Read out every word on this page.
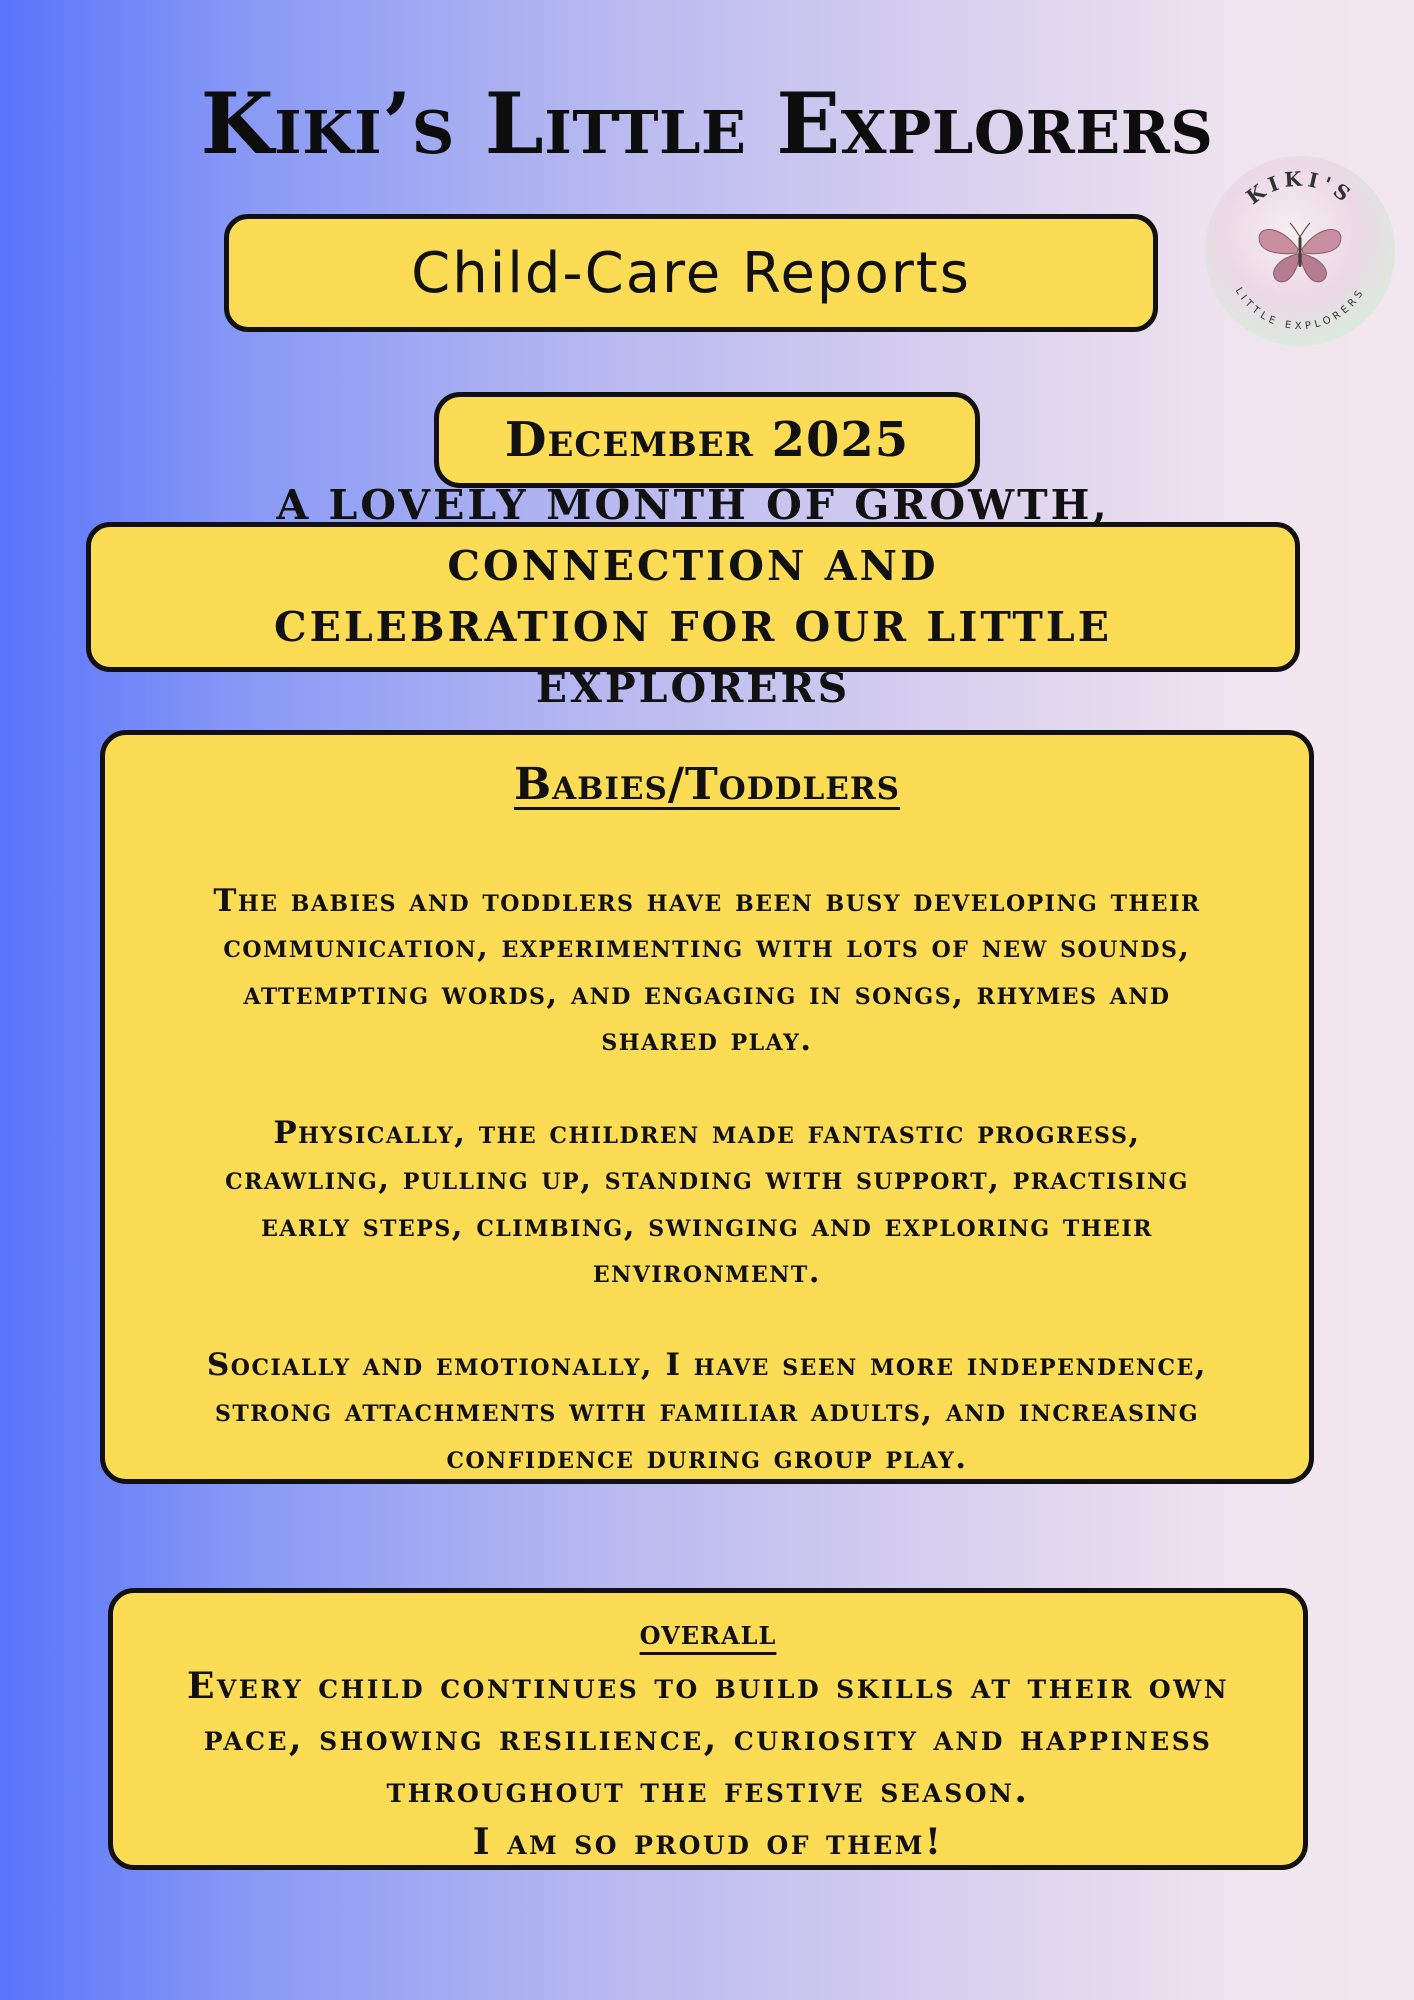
Kiki’s Little Explorers
KIKI'S
LITTLE EXPLORERS
Child-Care Reports
December 2025
A LOVELY MONTH OF GROWTH, CONNECTION AND
CELEBRATION FOR OUR LITTLE EXPLORERS
Babies/Toddlers
The babies and toddlers have been busy developing their
communication, experimenting with lots of new sounds,
attempting words, and engaging in songs, rhymes and
shared play.
Physically, the children made fantastic progress,
crawling, pulling up, standing with support, practising
early steps, climbing, swinging and exploring their
environment.
Socially and emotionally, I have seen more independence,
strong attachments with familiar adults, and increasing
confidence during group play.
overall
Every child continues to build skills at their own
pace, showing resilience, curiosity and happiness
throughout the festive season.
I am so proud of them!
